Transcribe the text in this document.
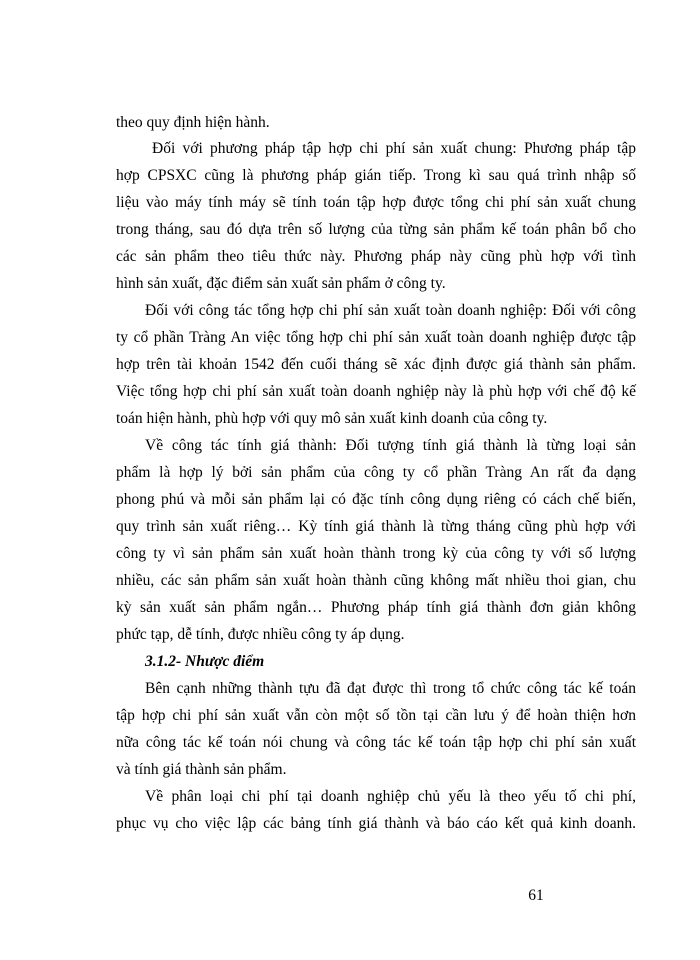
theo quy định hiện hành.
Đối với phương pháp tập hợp chi phí sản xuất chung: Phương pháp tập
hợp CPSXC cũng là phương pháp gián tiếp. Trong kì sau quá trình nhập số
liệu vào máy tính máy sẽ tính toán tập hợp được tổng chi phí sản xuất chung
trong tháng, sau đó dựa trên số lượng của từng sản phẩm kế toán phân bổ cho
các sản phẩm theo tiêu thức này. Phương pháp này cũng phù hợp với tình
hình sản xuất, đặc điểm sản xuất sản phẩm ở công ty.
Đối với công tác tổng hợp chi phí sản xuất toàn doanh nghiệp: Đối với công
ty cổ phần Tràng An việc tổng hợp chi phí sản xuất toàn doanh nghiệp được tập
hợp trên tài khoản 1542 đến cuối tháng sẽ xác định được giá thành sản phẩm.
Việc tổng hợp chi phí sản xuất toàn doanh nghiệp này là phù hợp với chế độ kế
toán hiện hành, phù hợp với quy mô sản xuất kinh doanh của công ty.
Về công tác tính giá thành: Đối tượng tính giá thành là từng loại sản
phẩm là hợp lý bởi sản phẩm của công ty cổ phần Tràng An rất đa dạng
phong phú và mỗi sản phẩm lại có đặc tính công dụng riêng có cách chế biến,
quy trình sản xuất riêng… Kỳ tính giá thành là từng tháng cũng phù hợp với
công ty vì sản phẩm sản xuất hoàn thành trong kỳ của công ty với số lượng
nhiều, các sản phẩm sản xuất hoàn thành cũng không mất nhiều thoi gian, chu
kỳ sản xuất sản phẩm ngắn… Phương pháp tính giá thành đơn giản không
phức tạp, dễ tính, được nhiều công ty áp dụng.
3.1.2- Nhược điểm
Bên cạnh những thành tựu đã đạt được thì trong tổ chức công tác kế toán
tập hợp chi phí sản xuất vẫn còn một số tồn tại cần lưu ý để hoàn thiện hơn
nữa công tác kế toán nói chung và công tác kế toán tập hợp chi phí sản xuất
và tính giá thành sản phẩm.
Về phân loại chi phí tại doanh nghiệp chủ yếu là theo yếu tố chi phí,
phục vụ cho việc lập các bảng tính giá thành và báo cáo kết quả kinh doanh.
61
